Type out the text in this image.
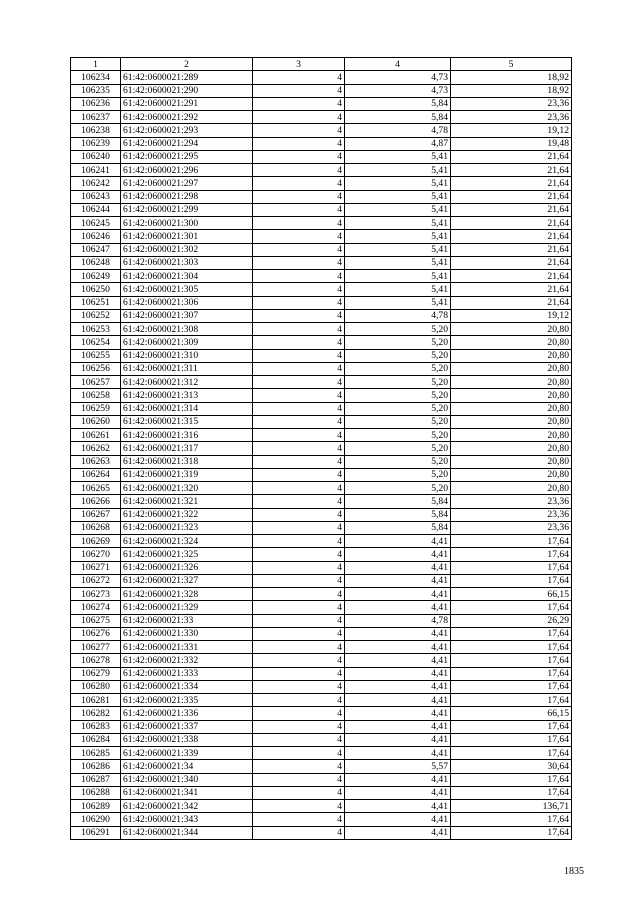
1	2	3	4	5
106234	61:42:0600021:289	4	4,73	18,92
106235	61:42:0600021:290	4	4,73	18,92
106236	61:42:0600021:291	4	5,84	23,36
106237	61:42:0600021:292	4	5,84	23,36
106238	61:42:0600021:293	4	4,78	19,12
106239	61:42:0600021:294	4	4,87	19,48
106240	61:42:0600021:295	4	5,41	21,64
106241	61:42:0600021:296	4	5,41	21,64
106242	61:42:0600021:297	4	5,41	21,64
106243	61:42:0600021:298	4	5,41	21,64
106244	61:42:0600021:299	4	5,41	21,64
106245	61:42:0600021:300	4	5,41	21,64
106246	61:42:0600021:301	4	5,41	21,64
106247	61:42:0600021:302	4	5,41	21,64
106248	61:42:0600021:303	4	5,41	21,64
106249	61:42:0600021:304	4	5,41	21,64
106250	61:42:0600021:305	4	5,41	21,64
106251	61:42:0600021:306	4	5,41	21,64
106252	61:42:0600021:307	4	4,78	19,12
106253	61:42:0600021:308	4	5,20	20,80
106254	61:42:0600021:309	4	5,20	20,80
106255	61:42:0600021:310	4	5,20	20,80
106256	61:42:0600021:311	4	5,20	20,80
106257	61:42:0600021:312	4	5,20	20,80
106258	61:42:0600021:313	4	5,20	20,80
106259	61:42:0600021:314	4	5,20	20,80
106260	61:42:0600021:315	4	5,20	20,80
106261	61:42:0600021:316	4	5,20	20,80
106262	61:42:0600021:317	4	5,20	20,80
106263	61:42:0600021:318	4	5,20	20,80
106264	61:42:0600021:319	4	5,20	20,80
106265	61:42:0600021:320	4	5,20	20,80
106266	61:42:0600021:321	4	5,84	23,36
106267	61:42:0600021:322	4	5,84	23,36
106268	61:42:0600021:323	4	5,84	23,36
106269	61:42:0600021:324	4	4,41	17,64
106270	61:42:0600021:325	4	4,41	17,64
106271	61:42:0600021:326	4	4,41	17,64
106272	61:42:0600021:327	4	4,41	17,64
106273	61:42:0600021:328	4	4,41	66,15
106274	61:42:0600021:329	4	4,41	17,64
106275	61:42:0600021:33	4	4,78	26,29
106276	61:42:0600021:330	4	4,41	17,64
106277	61:42:0600021:331	4	4,41	17,64
106278	61:42:0600021:332	4	4,41	17,64
106279	61:42:0600021:333	4	4,41	17,64
106280	61:42:0600021:334	4	4,41	17,64
106281	61:42:0600021:335	4	4,41	17,64
106282	61:42:0600021:336	4	4,41	66,15
106283	61:42:0600021:337	4	4,41	17,64
106284	61:42:0600021:338	4	4,41	17,64
106285	61:42:0600021:339	4	4,41	17,64
106286	61:42:0600021:34	4	5,57	30,64
106287	61:42:0600021:340	4	4,41	17,64
106288	61:42:0600021:341	4	4,41	17,64
106289	61:42:0600021:342	4	4,41	136,71
106290	61:42:0600021:343	4	4,41	17,64
106291	61:42:0600021:344	4	4,41	17,64
1835
